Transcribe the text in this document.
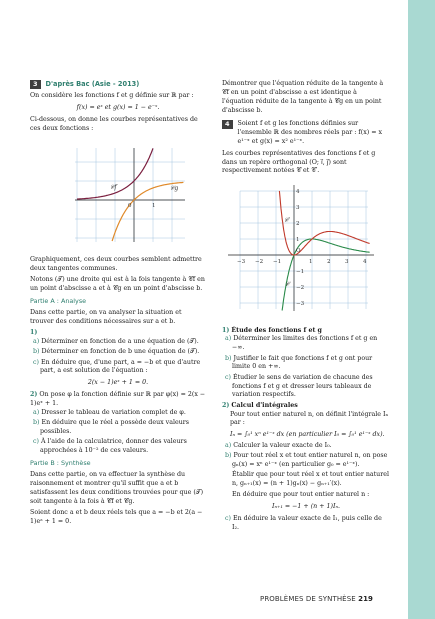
3	D'après Bac (Asie - 2013)

On considère les fonctions f et g définie sur ℝ par :

f(x) = eˣ et g(x) = 1 − e⁻ˣ.

Ci-dessous, on donne les courbes représentatives de ces deux fonctions :

𝒞f	𝒞g
1
0

Graphiquement, ces deux courbes semblent admettre deux tangentes communes.

Notons (𝒯) une droite qui est à la fois tangente à 𝒞f en un point d'abscisse a et à 𝒞g en un point d'abscisse b.

Partie A : Analyse

Dans cette partie, on va analyser la situation et trouver des conditions nécessaires sur a et b.

1)
a) Déterminer en fonction de a une équation de (𝒯).
b) Déterminer en fonction de b une équation de (𝒯).
c) En déduire que, d'une part, a = −b et que d'autre part, a est solution de l'équation :

2(x − 1)eˣ + 1 = 0.

2) On pose φ la fonction définie sur ℝ par φ(x) = 2(x − 1)eˣ + 1.
a) Dresser le tableau de variation complet de φ.
b) En déduire que le réel a possède deux valeurs possibles.
c) À l'aide de la calculatrice, donner des valeurs approchées à 10⁻² de ces valeurs.
Partie B : Synthèse

Dans cette partie, on va effectuer la synthèse du raisonnement et montrer qu'il suffit que a et b satisfassent les deux conditions trouvées pour que (𝒯) soit tangente à la fois à 𝒞f et 𝒞g.

Soient donc a et b deux réels tels que a = −b et 2(a − 1)eᵃ + 1 = 0.

Démontrer que l'équation réduite de la tangente à 𝒞f en un point d'abscisse a est identique à l'équation réduite de la tangente à 𝒞g en un point d'abscisse b.

4	Soient f et g les fonctions définies sur l'ensemble ℝ des nombres réels par : f(x) = x e¹⁻ˣ et g(x) = x² e¹⁻ˣ.

Les courbes représentatives des fonctions f et g dans un repère orthogonal (O; i⃗, j⃗) sont respectivement notées 𝒞 et 𝒞′.

−3 −2 −1	1	2	3	4
4
3
2
1
−1
−2
−3
𝒞′
𝒞
O
1) Étude des fonctions f et g
a) Déterminer les limites des fonctions f et g en −∞.
b) Justifier le fait que fonctions f et g ont pour limite 0 en +∞.
c) Étudier le sens de variation de chacune des fonctions f et g et dresser leurs tableaux de variation respectifs.
2) Calcul d'intégrales

Pour tout entier naturel n, on définit l'intégrale Iₙ par :

Iₙ = ∫₀¹ xⁿ e¹⁻ˣ dx (en particulier I₀ = ∫₀¹ e¹⁻ˣ dx).

a) Calculer la valeur exacte de I₀.
b) Pour tout réel x et tout entier naturel n, on pose gₙ(x) = xⁿ e¹⁻ˣ (en particulier g₀ = e¹⁻ˣ).

Établir que pour tout réel x et tout entier naturel n, gₙ₊₁(x) = (n + 1)gₙ(x) − gₙ₊₁′(x).

En déduire que pour tout entier naturel n :

Iₙ₊₁ = −1 + (n + 1)Iₙ.

c) En déduire la valeur exacte de I₁, puis celle de I₂.
PROBLÈMES DE SYNTHÈSE 219
